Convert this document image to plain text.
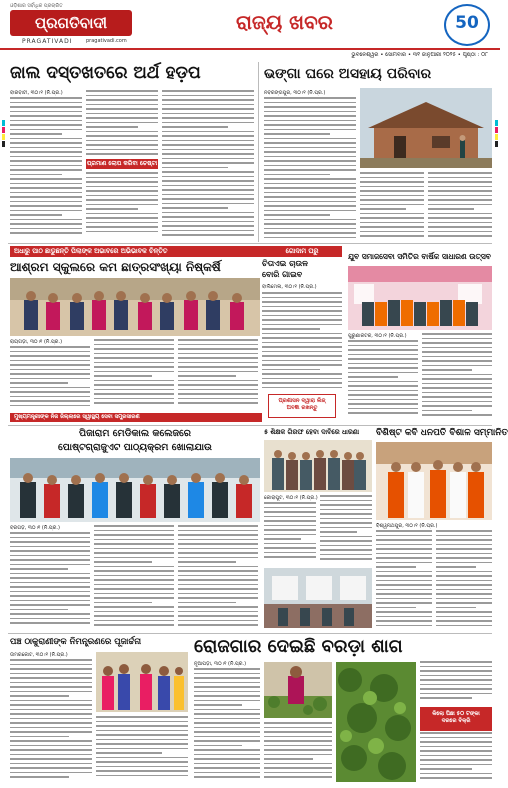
ଓଡ଼ିଶାର ସର୍ବାଧିକ ପ୍ରଚାରିତ
ପ୍ରଗତିବାଦୀ
PRAGATIVADI	pragativadi.com
ରାଜ୍ୟ ଖବର	50
ଭୁବନେଶ୍ୱର • ସୋମବାର • ୩୧ ଜାନୁଆରୀ ୨୦୨୫ • ପୃଷ୍ଠା : ୦୮
ଜାଲ ଦସ୍ତଖତରେ ଅର୍ଥ ହଡ଼ପ
ବାରବାଟୀ, ୩୦।୧ (ନି.ପ୍ର.)
ପ୍ରମାଣ ଲୋପ କରିବା ଚେଷ୍ଟା
ଭଙ୍ଗା ଘରେ ଅସହାୟ ପରିବାର
ନବରଙ୍ଗପୁର, ୩୦।୧ (ନି.ପ୍ର.)
ଅଧାରୁ ପାଠ ଛାଡୁଛନ୍ତି ପିଲାଙ୍କ ଅଭାବରେ ଅଭିଭାବକ ଚିନ୍ତିତ
ଆଶ୍ରମ ସ୍କୁଲରେ କମ ଛାତ୍ରସଂଖ୍ୟା ନିଷ୍କର୍ଷି
ରାୟଗଡ଼ା, ୩୦।୧ (ନି.ପ୍ର.)
ମୁଖ୍ୟମନ୍ତ୍ରୀଙ୍କ ନିଜ ଜିଲ୍ଲାରେ ସ୍ୱାସ୍ଥ୍ୟ ସେବା ସମ୍ପ୍ରସାରଣ
ଗୋଦାମ ଘରୁ
ଚିତାଏଇ ଚାଉଳ
ବୋରି ଗାଇବ
ବାଲିମେଳା, ୩୦।୧ (ନି.ପ୍ର.)
ପ୍ରଶାସନ ଦ୍ୱାରା ଲିଜ୍
ଅବଜ୍ଞା ରଖନ୍ତୁ
ଯୁବ ସମାଜସେବା ସମିତିର ବାର୍ଷିକ ସାଧାରଣ ଉତ୍ସବ
ପୁରୁଣାକଟକ, ୩୦।୧ (ନି.ପ୍ର.)
ପିଜାରାମ ମେଡିକାଲ କଲେଜରେ
ପୋଷ୍ଟଗ୍ରାଜୁଏଟ ପାଠ୍ୟକ୍ରମ ଖୋଲାଯାଉ
ବରଗଡ଼, ୩୦।୧ (ନି.ପ୍ର.)
୫ ଶିକ୍ଷକ ଗିରଫ ହେବା ଦାବିରେ ଧାରଣା
କୋରାପୁଟ, ୩୦।୧ (ନି.ପ୍ର.)
ବିଶିଷ୍ଟ କବି ଧନପତି ବିଶାଳ ସମ୍ମାନିତ
ବିଶ୍ୱନାଥପୁର, ୩୦।୧ (ନି.ପ୍ର.)
ପଞ୍ଚ ଠାକୁରାଣୀଙ୍କ ନିମନ୍ତ୍ରଣରେ ପୂଜାର୍ଚ୍ଚନା
ଉମରକୋଟ, ୩୦।୧ (ନି.ପ୍ର.)	ରୋଜଗାର ଦେଇଛି ବରଡ଼ା ଶାଗ
ନୂଆପଡ଼ା, ୩୦।୧ (ନି.ପ୍ର.)
କିଲୋ ପିଛା ୫୦ ଟଙ୍କା
ଦରରେ ବିକ୍ରି
